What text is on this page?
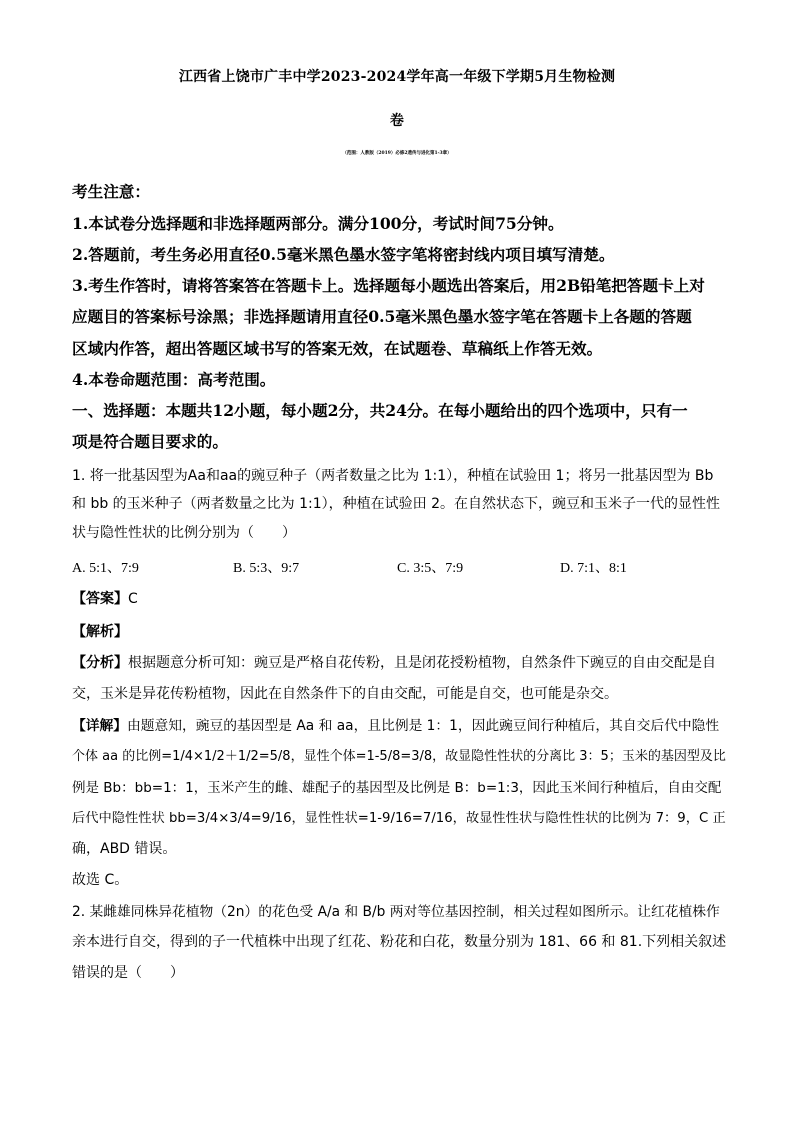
江西省上饶市广丰中学2023-2024学年高一年级下学期5月生物检测
卷
（范围：人教版（2019）必修2遗传与进化第1-3章）
考生注意：
1.本试卷分选择题和非选择题两部分。满分100分，考试时间75分钟。
2.答题前，考生务必用直径0.5毫米黑色墨水签字笔将密封线内项目填写清楚。
3.考生作答时，请将答案答在答题卡上。选择题每小题选出答案后，用2B铅笔把答题卡上对
应题目的答案标号涂黑；非选择题请用直径0.5毫米黑色墨水签字笔在答题卡上各题的答题
区域内作答，超出答题区域书写的答案无效，在试题卷、草稿纸上作答无效。
4.本卷命题范围：高考范围。
一、选择题：本题共12小题，每小题2分，共24分。在每小题给出的四个选项中，只有一
项是符合题目要求的。
1. 将一批基因型为Aa和aa的豌豆种子（两者数量之比为 1:1），种植在试验田 1；将另一批基因型为 Bb
和 bb 的玉米种子（两者数量之比为 1:1），种植在试验田 2。在自然状态下，豌豆和玉米子一代的显性性
状与隐性性状的比例分别为（　　）
A. 5:1、7:9	B. 5:3、9:7	C. 3:5、7:9	D. 7:1、8:1
【答案】C
【解析】
【分析】根据题意分析可知：豌豆是严格自花传粉，且是闭花授粉植物，自然条件下豌豆的自由交配是自
交，玉米是异花传粉植物，因此在自然条件下的自由交配，可能是自交，也可能是杂交。
【详解】由题意知，豌豆的基因型是 Aa 和 aa，且比例是 1：1，因此豌豆间行种植后，其自交后代中隐性
个体 aa 的比例=1/4×1/2＋1/2=5/8，显性个体=1-5/8=3/8，故显隐性性状的分离比 3：5；玉米的基因型及比
例是 Bb：bb=1：1，玉米产生的雌、雄配子的基因型及比例是 B：b=1:3，因此玉米间行种植后，自由交配
后代中隐性性状 bb=3/4×3/4=9/16，显性性状=1-9/16=7/16，故显性性状与隐性性状的比例为 7：9，C 正
确，ABD 错误。
故选 C。
2. 某雌雄同株异花植物（2n）的花色受 A/a 和 B/b 两对等位基因控制，相关过程如图所示。让红花植株作
亲本进行自交，得到的子一代植株中出现了红花、粉花和白花，数量分别为 181、66 和 81.下列相关叙述
错误的是（　　）
